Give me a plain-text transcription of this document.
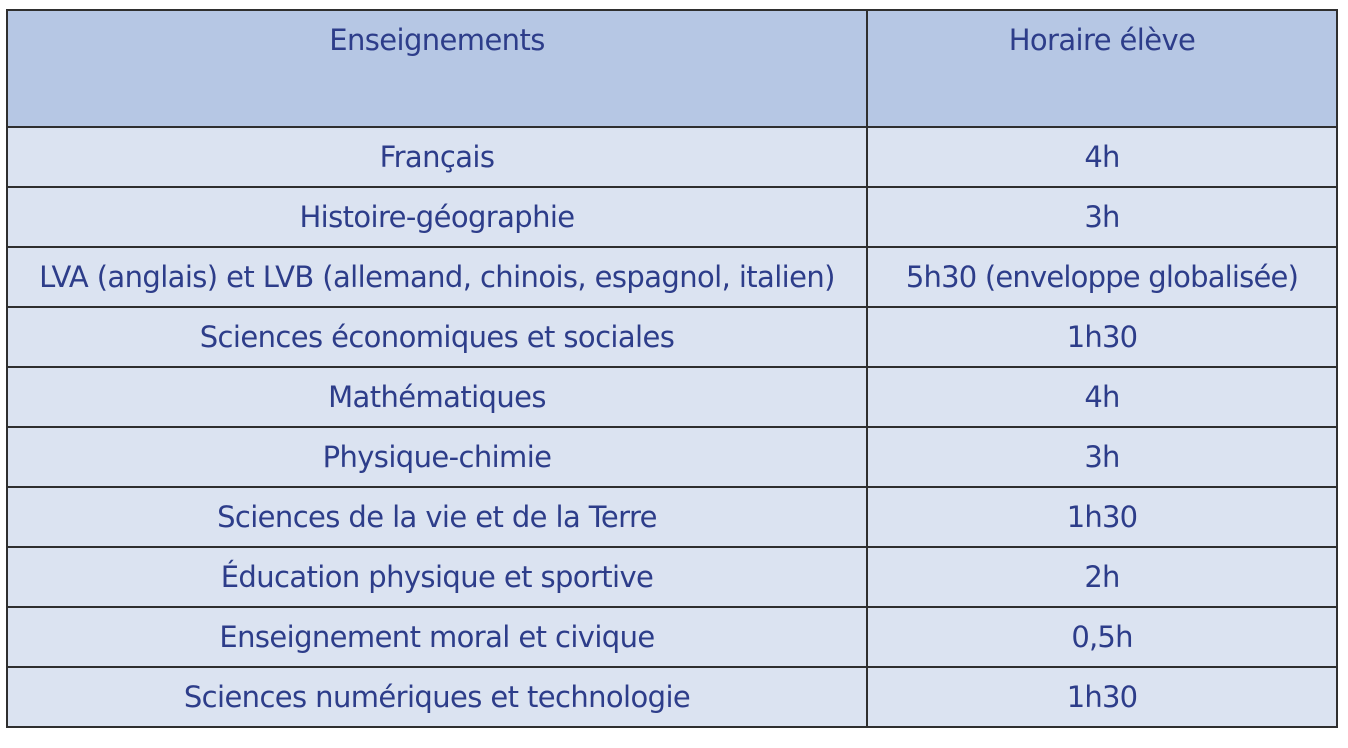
Enseignements	Horaire élève
Français	4h
Histoire-géographie	3h
LVA (anglais) et LVB (allemand, chinois, espagnol, italien)	5h30 (enveloppe globalisée)
Sciences économiques et sociales	1h30
Mathématiques	4h
Physique-chimie	3h
Sciences de la vie et de la Terre	1h30
Éducation physique et sportive	2h
Enseignement moral et civique	0,5h
Sciences numériques et technologie	1h30
